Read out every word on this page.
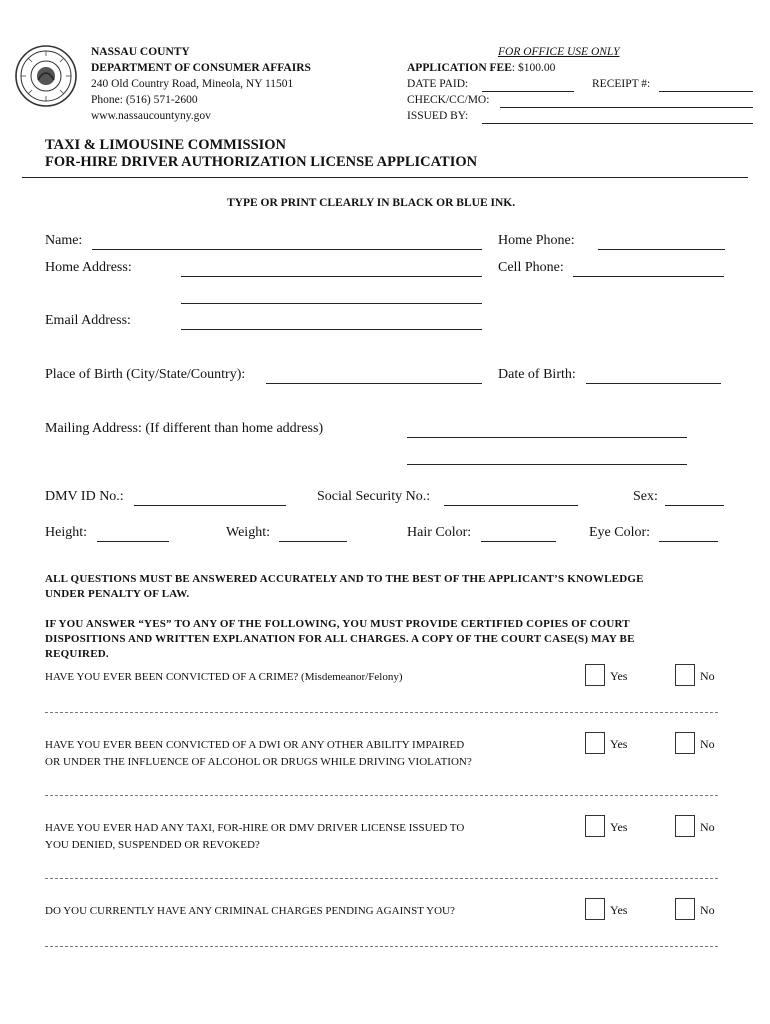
NASSAU COUNTY
DEPARTMENT OF CONSUMER AFFAIRS
240 Old Country Road, Mineola, NY 11501
Phone: (516) 571-2600
www.nassaucountyny.gov
FOR OFFICE USE ONLY
APPLICATION FEE: $100.00
DATE PAID:	RECEIPT #:
CHECK/CC/MO:
ISSUED BY:
TAXI & LIMOUSINE COMMISSION
FOR-HIRE DRIVER AUTHORIZATION LICENSE APPLICATION
TYPE OR PRINT CLEARLY IN BLACK OR BLUE INK.
Name:	Home Phone:
Home Address:	Cell Phone:
Email Address:
Place of Birth (City/State/Country):	Date of Birth:
Mailing Address: (If different than home address)
DMV ID No.:	Social Security No.:	Sex:
Height:	Weight:	Hair Color:	Eye Color:
ALL QUESTIONS MUST BE ANSWERED ACCURATELY AND TO THE BEST OF THE APPLICANT’S KNOWLEDGE
UNDER PENALTY OF LAW.
IF YOU ANSWER “YES” TO ANY OF THE FOLLOWING, YOU MUST PROVIDE CERTIFIED COPIES OF COURT
DISPOSITIONS AND WRITTEN EXPLANATION FOR ALL CHARGES. A COPY OF THE COURT CASE(S) MAY BE
REQUIRED.
HAVE YOU EVER BEEN CONVICTED OF A CRIME? (Misdemeanor/Felony)	Yes	No
HAVE YOU EVER BEEN CONVICTED OF A DWI OR ANY OTHER ABILITY IMPAIRED
OR UNDER THE INFLUENCE OF ALCOHOL OR DRUGS WHILE DRIVING VIOLATION?
Yes	No
HAVE YOU EVER HAD ANY TAXI, FOR-HIRE OR DMV DRIVER LICENSE ISSUED TO
YOU DENIED, SUSPENDED OR REVOKED?
Yes	No
DO YOU CURRENTLY HAVE ANY CRIMINAL CHARGES PENDING AGAINST YOU?	Yes	No
